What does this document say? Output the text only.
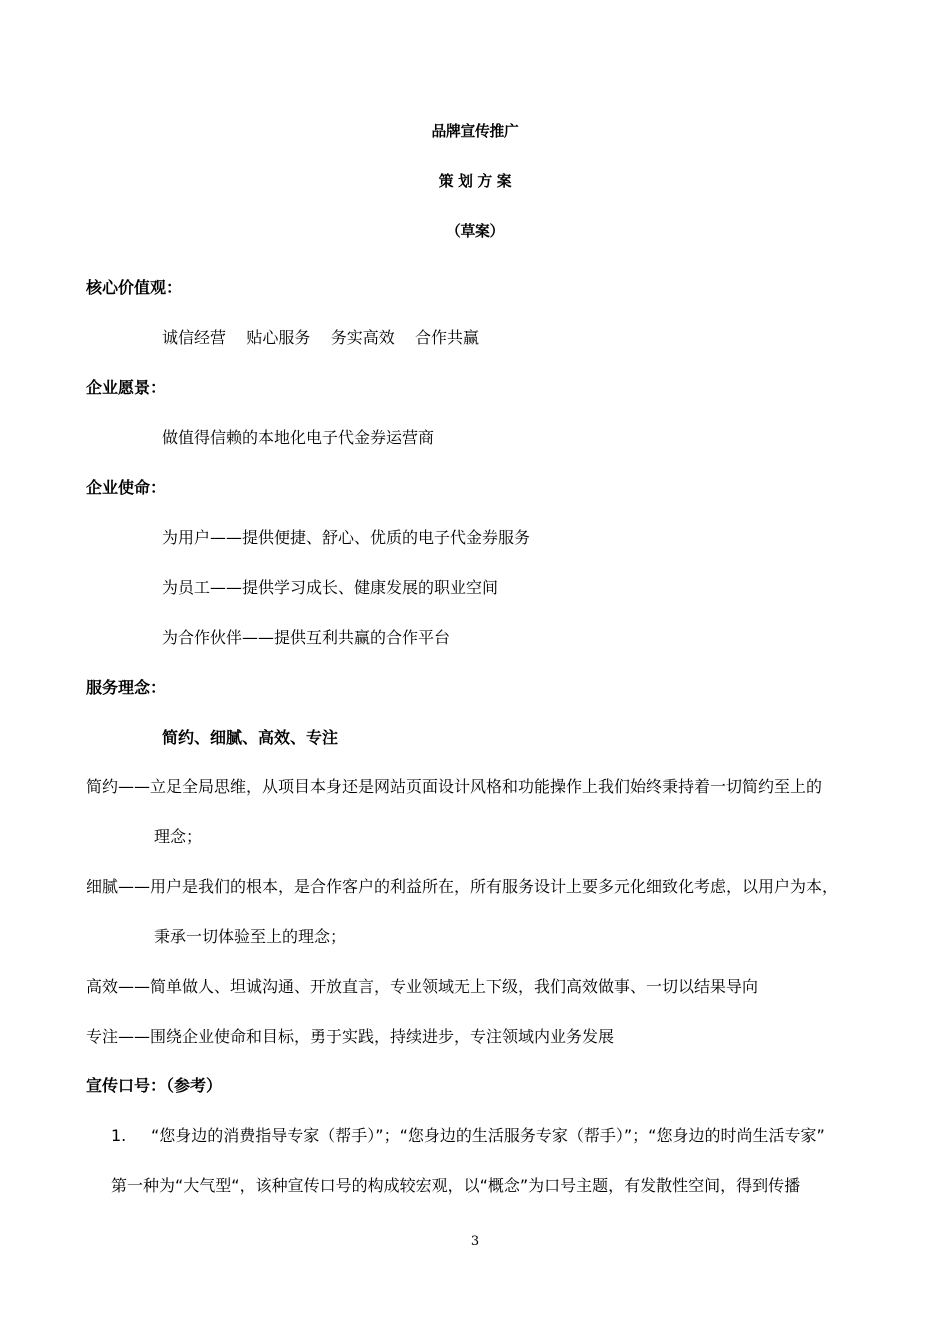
品牌宣传推广
策 划 方 案
（草案）
核心价值观：
诚信经营    贴心服务    务实高效    合作共赢
企业愿景：
做值得信赖的本地化电子代金券运营商
企业使命：
为用户——提供便捷、舒心、优质的电子代金券服务
为员工——提供学习成长、健康发展的职业空间
为合作伙伴——提供互利共赢的合作平台
服务理念：
简约、细腻、高效、专注
简约——立足全局思维，从项目本身还是网站页面设计风格和功能操作上我们始终秉持着一切简约至上的
理念；
细腻——用户是我们的根本，是合作客户的利益所在，所有服务设计上要多元化细致化考虑，以用户为本，
秉承一切体验至上的理念；
高效——简单做人、坦诚沟通、开放直言，专业领域无上下级，我们高效做事、一切以结果导向
专注——围绕企业使命和目标，勇于实践，持续进步，专注领域内业务发展
宣传口号：（参考）
1. “您身边的消费指导专家（帮手）”；“您身边的生活服务专家（帮手）”；“您身边的时尚生活专家”
第一种为“大气型“，该种宣传口号的构成较宏观，以“概念”为口号主题，有发散性空间，得到传播
3
